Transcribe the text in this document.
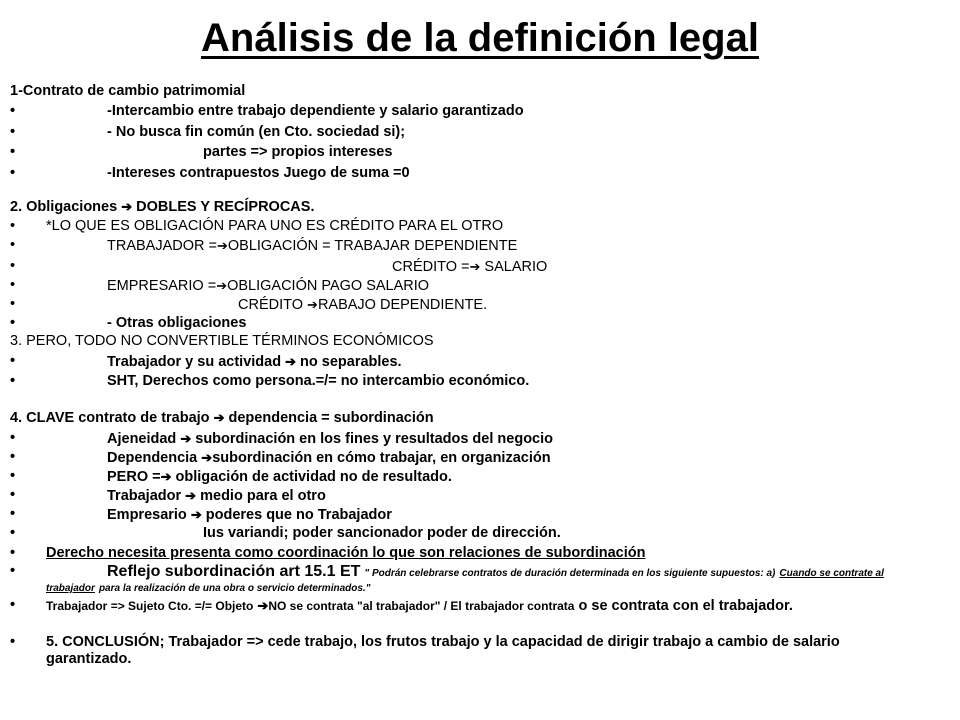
Análisis de la definición legal
1-Contrato de cambio patrimomial
•	-Intercambio entre trabajo dependiente y salario garantizado
•	- No busca fin común (en Cto. sociedad si);
•	partes => propios intereses
•	-Intereses contrapuestos Juego de suma =0
2. Obligaciones ➔ DOBLES Y RECÍPROCAS.
• *LO QUE ES OBLIGACIÓN PARA UNO ES CRÉDITO PARA EL OTRO
•	TRABAJADOR =➔OBLIGACIÓN = TRABAJAR DEPENDIENTE
•	CRÉDITO =➔ SALARIO
•	EMPRESARIO =➔OBLIGACIÓN PAGO SALARIO
•	CRÉDITO ➔RABAJO DEPENDIENTE.
•	- Otras obligaciones
3. PERO, TODO NO CONVERTIBLE TÉRMINOS ECONÓMICOS
•	Trabajador y su actividad ➔ no separables.
•	SHT, Derechos como persona.=/= no intercambio económico.
4. CLAVE contrato de trabajo ➔ dependencia = subordinación
•	Ajeneidad ➔ subordinación en los fines y resultados del negocio
•	Dependencia ➔subordinación en cómo trabajar, en organización
•	PERO =➔ obligación de actividad no de resultado.
•	Trabajador ➔ medio para el otro
•	Empresario ➔ poderes que no Trabajador
•	Ius variandi; poder sancionador poder de dirección.
• Derecho necesita presenta como coordinación lo que son relaciones de subordinación
•	Reflejo subordinación art 15.1 ET " Podrán celebrarse contratos de duración determinada en los siguiente supuestos: a) Cuando se contrate al
trabajador para la realización de una obra o servicio determinados."
•	Trabajador => Sujeto Cto. =/= Objeto ➔NO se contrata "al trabajador" / El trabajador contrata o se contrata con el trabajador.
• 5. CONCLUSIÓN; Trabajador => cede trabajo, los frutos trabajo y la capacidad de dirigir trabajo a cambio de salario garantizado.
